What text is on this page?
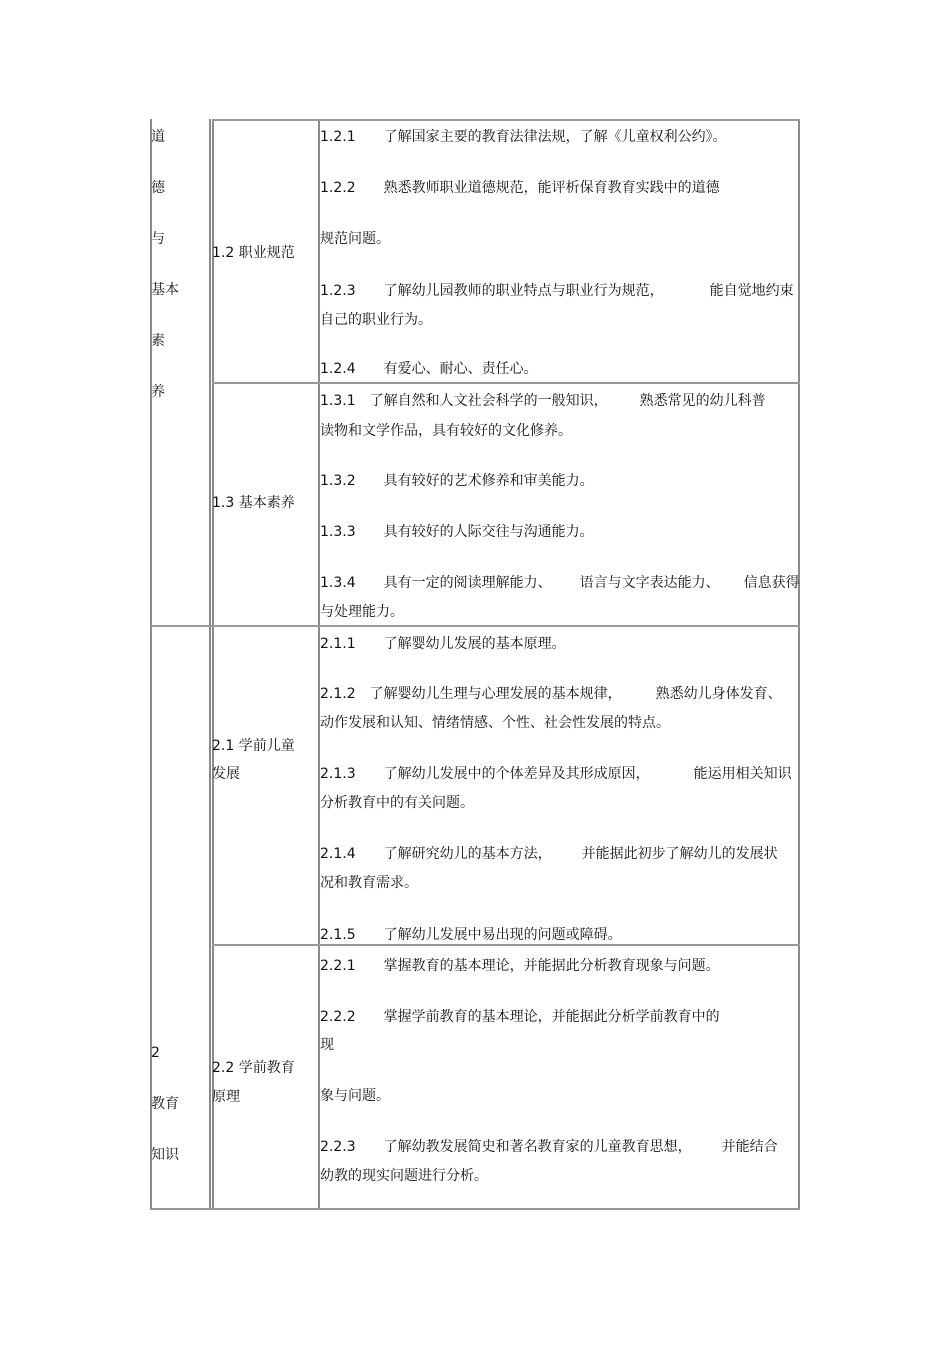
道
德
与
基本
素
养
2
教育
知识
1.2 职业规范
1.3 基本素养
2.1 学前儿童
发展
2.2 学前教育
原理
1.2.1 了解国家主要的教育法律法规，了解《儿童权利公约》。
1.2.2 熟悉教师职业道德规范，能评析保育教育实践中的道德
规范问题。
1.2.3 了解幼儿园教师的职业特点与职业行为规范，	能自觉地约束
自己的职业行为。
1.2.4 有爱心、耐心、责任心。
1.3.1 了解自然和人文社会科学的一般知识， 熟悉常见的幼儿科普
读物和文学作品，具有较好的文化修养。
1.3.2 具有较好的艺术修养和审美能力。
1.3.3 具有较好的人际交往与沟通能力。
1.3.4 具有一定的阅读理解能力、 语言与文字表达能力、 信息获得
与处理能力。
2.1.1 了解婴幼儿发展的基本原理。
2.1.2 了解婴幼儿生理与心理发展的基本规律， 熟悉幼儿身体发育、
动作发展和认知、情绪情感、个性、社会性发展的特点。
2.1.3 了解幼儿发展中的个体差异及其形成原因，	能运用相关知识
分析教育中的有关问题。
2.1.4 了解研究幼儿的基本方法， 并能据此初步了解幼儿的发展状
况和教育需求。
2.1.5 了解幼儿发展中易出现的问题或障碍。
2.2.1 掌握教育的基本理论，并能据此分析教育现象与问题。
2.2.2 掌握学前教育的基本理论，并能据此分析学前教育中的
现
象与问题。
2.2.3 了解幼教发展简史和著名教育家的儿童教育思想， 并能结合
幼教的现实问题进行分析。
